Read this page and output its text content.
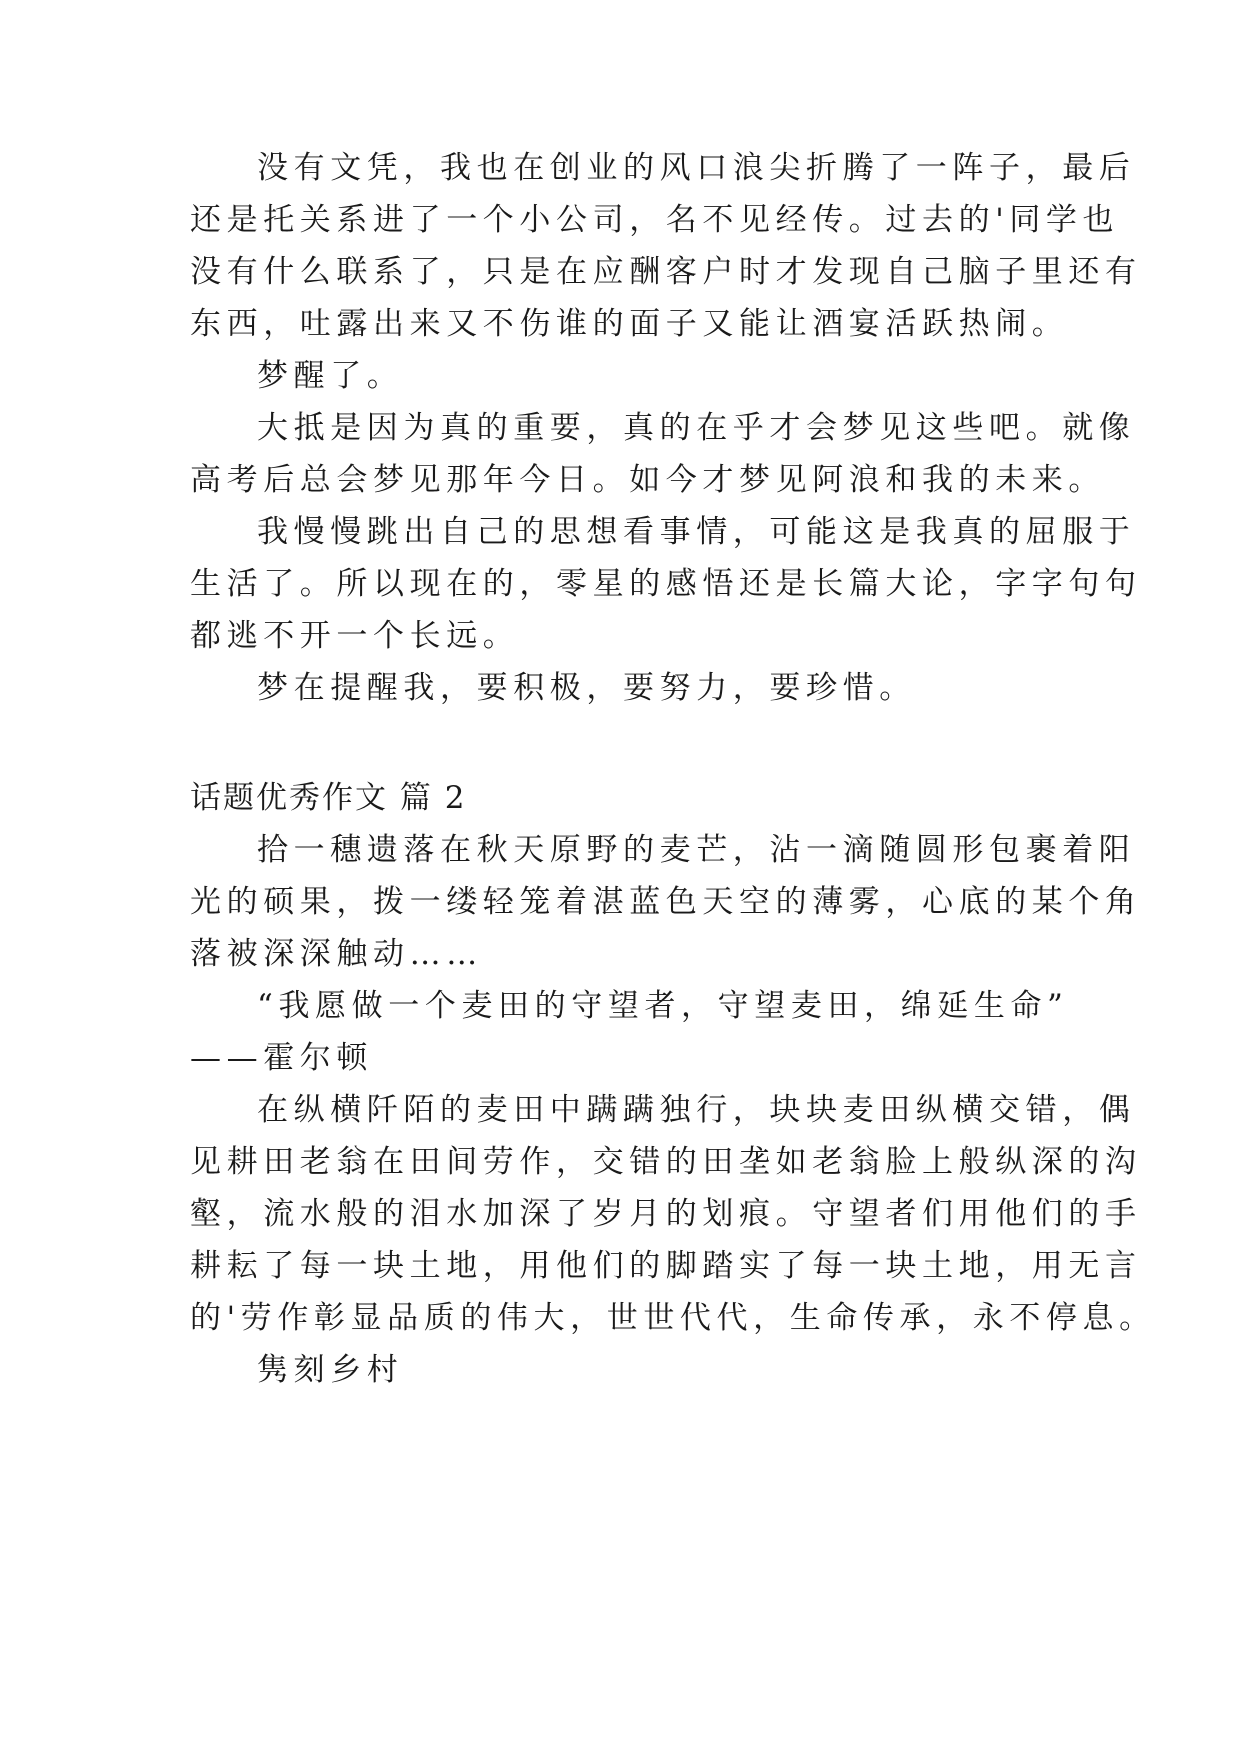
没有文凭，我也在创业的风口浪尖折腾了一阵子，最后
还是托关系进了一个小公司，名不见经传。过去的'同学也
没有什么联系了，只是在应酬客户时才发现自己脑子里还有
东西，吐露出来又不伤谁的面子又能让酒宴活跃热闹。
梦醒了。
大抵是因为真的重要，真的在乎才会梦见这些吧。就像
高考后总会梦见那年今日。如今才梦见阿浪和我的未来。
我慢慢跳出自己的思想看事情，可能这是我真的屈服于
生活了。所以现在的，零星的感悟还是长篇大论，字字句句
都逃不开一个长远。
梦在提醒我，要积极，要努力，要珍惜。
话题优秀作文 篇 2
拾一穗遗落在秋天原野的麦芒，沾一滴随圆形包裹着阳
光的硕果，拨一缕轻笼着湛蓝色天空的薄雾，心底的某个角
落被深深触动……
“我愿做一个麦田的守望者，守望麦田，绵延生命”
——霍尔顿
在纵横阡陌的麦田中蹒蹒独行，块块麦田纵横交错，偶
见耕田老翁在田间劳作，交错的田垄如老翁脸上般纵深的沟
壑，流水般的泪水加深了岁月的划痕。守望者们用他们的手
耕耘了每一块土地，用他们的脚踏实了每一块土地，用无言
的'劳作彰显品质的伟大，世世代代，生命传承，永不停息。
隽刻乡村
